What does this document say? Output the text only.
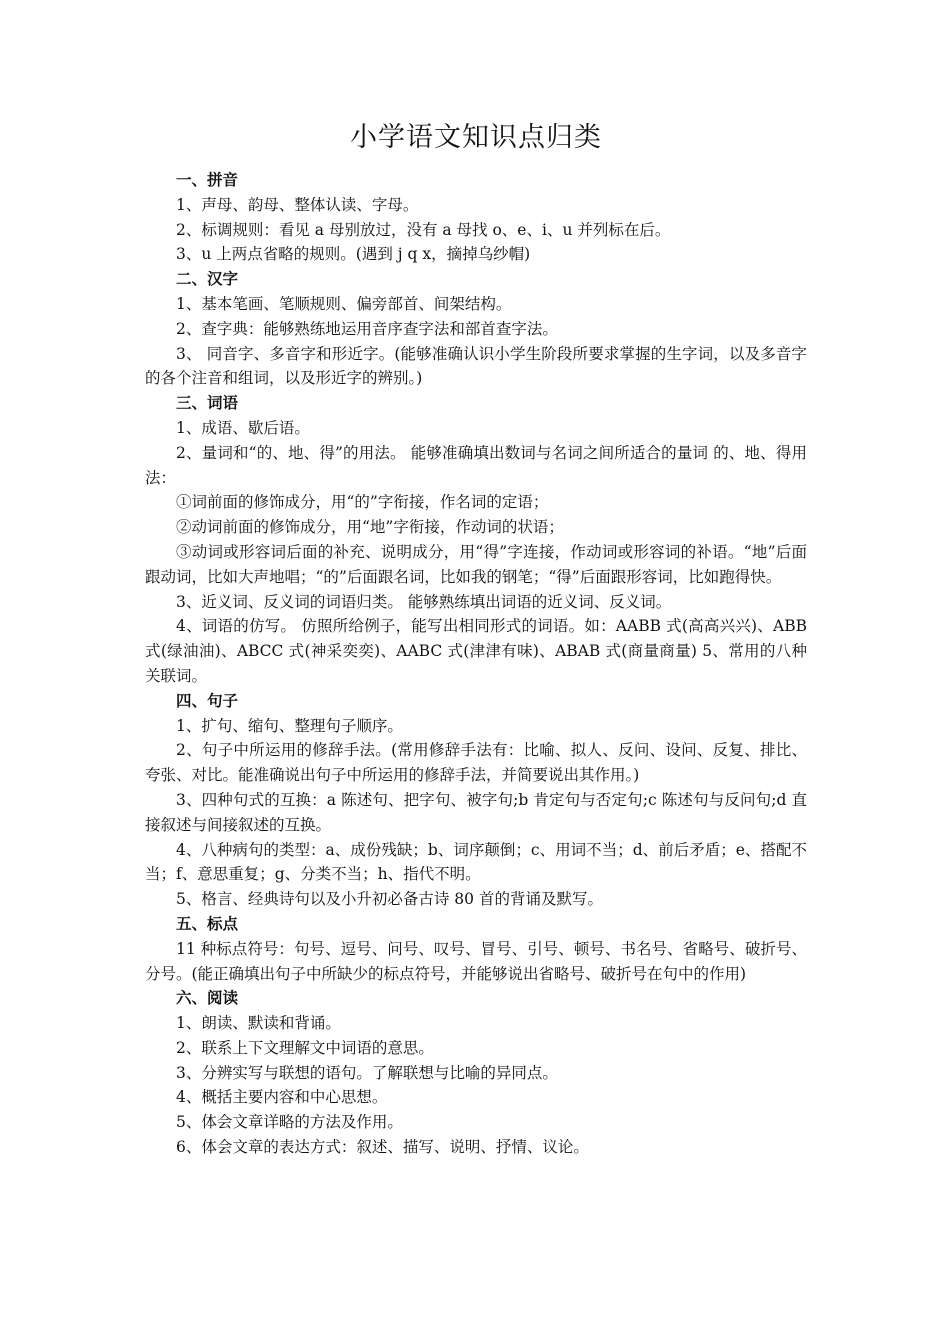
小学语文知识点归类

一、拼音

1、声母、韵母、整体认读、字母。

2、标调规则：看见 a 母别放过，没有 a 母找 o、e、i、u 并列标在后。

3、u 上两点省略的规则。(遇到 j q x，摘掉乌纱帽)

二、汉字

1、基本笔画、笔顺规则、偏旁部首、间架结构。

2、查字典：能够熟练地运用音序查字法和部首查字法。

3、 同音字、多音字和形近字。(能够准确认识小学生阶段所要求掌握的生字词，以及多音字的各个注音和组词，以及形近字的辨别。)

三、词语

1、成语、歇后语。

2、量词和“的、地、得”的用法。 能够准确填出数词与名词之间所适合的量词 的、地、得用法：

①词前面的修饰成分，用“的”字衔接，作名词的定语；

②动词前面的修饰成分，用“地”字衔接，作动词的状语；

③动词或形容词后面的补充、说明成分，用“得”字连接，作动词或形容词的补语。“地”后面跟动词，比如大声地唱；“的”后面跟名词，比如我的钢笔；“得”后面跟形容词，比如跑得快。

3、近义词、反义词的词语归类。 能够熟练填出词语的近义词、反义词。

4、词语的仿写。 仿照所给例子，能写出相同形式的词语。如：AABB 式(高高兴兴)、ABB 式(绿油油)、ABCC 式(神采奕奕)、AABC 式(津津有味)、ABAB 式(商量商量) 5、常用的八种关联词。

四、句子

1、扩句、缩句、整理句子顺序。

2、句子中所运用的修辞手法。(常用修辞手法有：比喻、拟人、反问、设问、反复、排比、夸张、对比。能准确说出句子中所运用的修辞手法，并简要说出其作用。)

3、四种句式的互换：a 陈述句、把字句、被字句;b 肯定句与否定句;c 陈述句与反问句;d 直接叙述与间接叙述的互换。

4、八种病句的类型：a、成份残缺；b、词序颠倒；c、用词不当；d、前后矛盾；e、搭配不当；f、意思重复；g、分类不当；h、指代不明。

5、格言、经典诗句以及小升初必备古诗 80 首的背诵及默写。

五、标点

11 种标点符号：句号、逗号、问号、叹号、冒号、引号、顿号、书名号、省略号、破折号、分号。(能正确填出句子中所缺少的标点符号，并能够说出省略号、破折号在句中的作用)

六、阅读

1、朗读、默读和背诵。

2、联系上下文理解文中词语的意思。

3、分辨实写与联想的语句。了解联想与比喻的异同点。

4、概括主要内容和中心思想。

5、体会文章详略的方法及作用。

6、体会文章的表达方式：叙述、描写、说明、抒情、议论。
